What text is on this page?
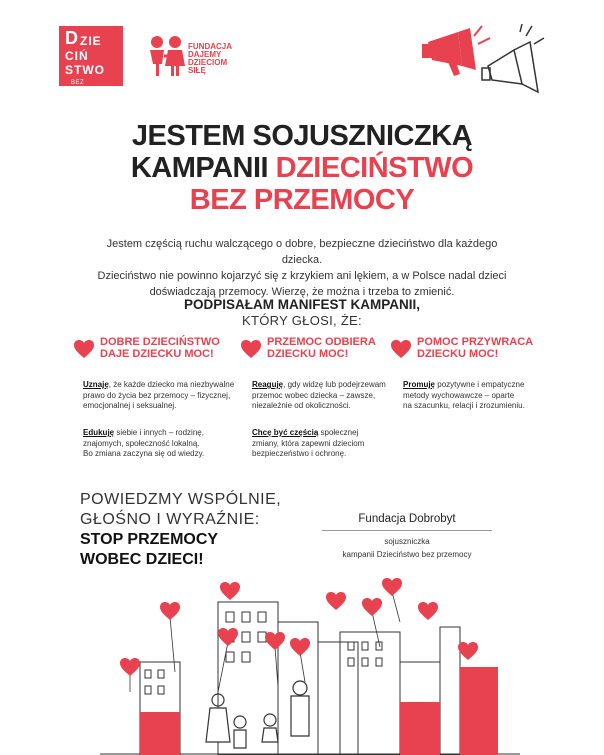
D ZIE
CIŃ
STWO
BEZ PRZEMOCY
FUNDACJA
DAJEMY
DZIECIOM
SIŁĘ
JESTEM SOJUSZNICZKĄ
KAMPANII DZIECIŃSTWO
BEZ PRZEMOCY
Jestem częścią ruchu walczącego o dobre, bezpieczne dzieciństwo dla każdego dziecka.
Dzieciństwo nie powinno kojarzyć się z krzykiem ani lękiem, a w Polsce nadal dzieci
doświadczają przemocy. Wierzę, że można i trzeba to zmienić.
PODPISAŁAM MANIFEST KAMPANII,
KTÓRY GŁOSI, ŻE:
DOBRE DZIECIŃSTWO
DAJE DZIECKU MOC!
Uznaję, że każde dziecko ma niezbywalne
prawo do życia bez przemocy – fizycznej,
emocjonalnej i seksualnej.
Edukuję siebie i innych – rodzinę,
znajomych, społeczność lokalną.
Bo zmiana zaczyna się od wiedzy.
PRZEMOC ODBIERA
DZIECKU MOC!
Reaguję, gdy widzę lub podejrzewam
przemoc wobec dziecka – zawsze,
niezależnie od okoliczności.
Chcę być częścią społecznej
zmiany, która zapewni dzieciom
bezpieczeństwo i ochronę.
POMOC PRZYWRACA
DZIECKU MOC!
Promuję pozytywne i empatyczne
metody wychowawcze – oparte
na szacunku, relacji i zrozumieniu.
POWIEDZMY WSPÓLNIE,
GŁOŚNO I WYRAŹNIE:
STOP PRZEMOCY
WOBEC DZIECI!
Fundacja Dobrobyt
sojuszniczka
kampanii Dzieciństwo bez przemocy
